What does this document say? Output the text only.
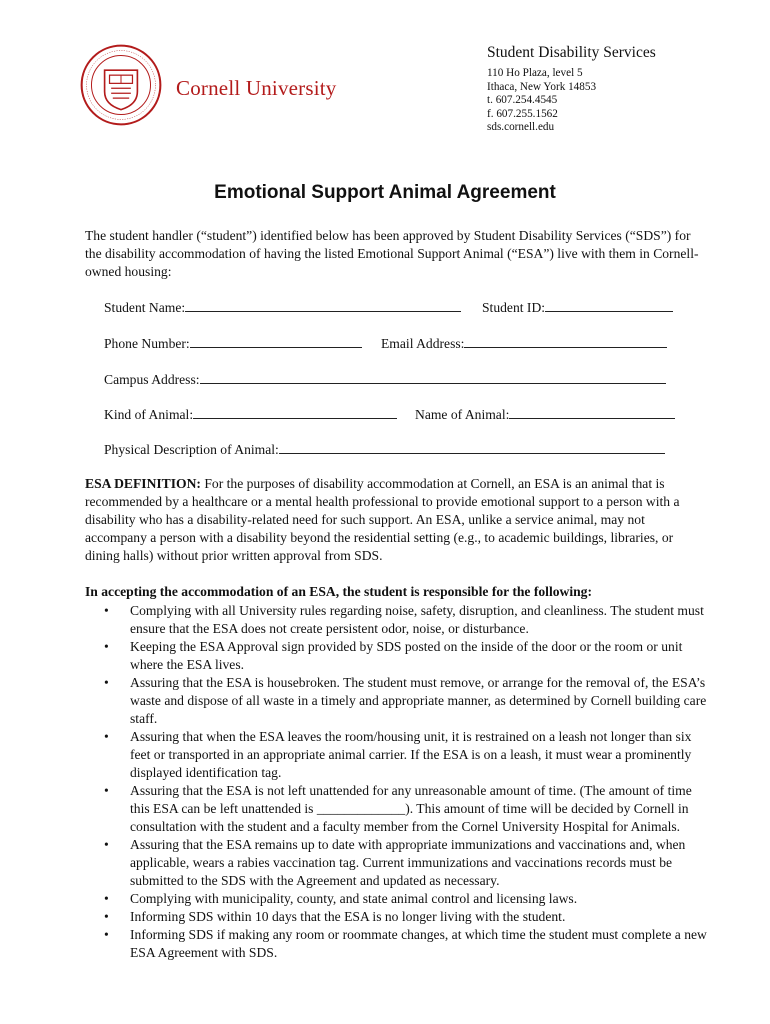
Cornell University
Student Disability Services
110 Ho Plaza, level 5
Ithaca, New York 14853
t. 607.254.4545
f. 607.255.1562
sds.cornell.edu
Emotional Support Animal Agreement
The student handler (“student”) identified below has been approved by Student Disability Services (“SDS”) for the disability accommodation of having the listed Emotional Support Animal (“ESA”) live with them in Cornell-owned housing:
Student Name:	Student ID:
Phone Number:	Email Address:
Campus Address:
Kind of Animal:	Name of Animal:
Physical Description of Animal:
ESA DEFINITION: For the purposes of disability accommodation at Cornell, an ESA is an animal that is recommended by a healthcare or a mental health professional to provide emotional support to a person with a disability who has a disability-related need for such support. An ESA, unlike a service animal, may not accompany a person with a disability beyond the residential setting (e.g., to academic buildings, libraries, or dining halls) without prior written approval from SDS.
In accepting the accommodation of an ESA, the student is responsible for the following:
• Complying with all University rules regarding noise, safety, disruption, and cleanliness. The student must ensure that the ESA does not create persistent odor, noise, or disturbance.
• Keeping the ESA Approval sign provided by SDS posted on the inside of the door or the room or unit where the ESA lives.
• Assuring that the ESA is housebroken. The student must remove, or arrange for the removal of, the ESA’s waste and dispose of all waste in a timely and appropriate manner, as determined by Cornell building care staff.
• Assuring that when the ESA leaves the room/housing unit, it is restrained on a leash not longer than six feet or transported in an appropriate animal carrier. If the ESA is on a leash, it must wear a prominently displayed identification tag.
• Assuring that the ESA is not left unattended for any unreasonable amount of time. (The amount of time this ESA can be left unattended is _____________). This amount of time will be decided by Cornell in consultation with the student and a faculty member from the Cornel University Hospital for Animals.
• Assuring that the ESA remains up to date with appropriate immunizations and vaccinations and, when applicable, wears a rabies vaccination tag. Current immunizations and vaccinations records must be submitted to the SDS with the Agreement and updated as necessary.
• Complying with municipality, county, and state animal control and licensing laws.
• Informing SDS within 10 days that the ESA is no longer living with the student.
• Informing SDS if making any room or roommate changes, at which time the student must complete a new ESA Agreement with SDS.
